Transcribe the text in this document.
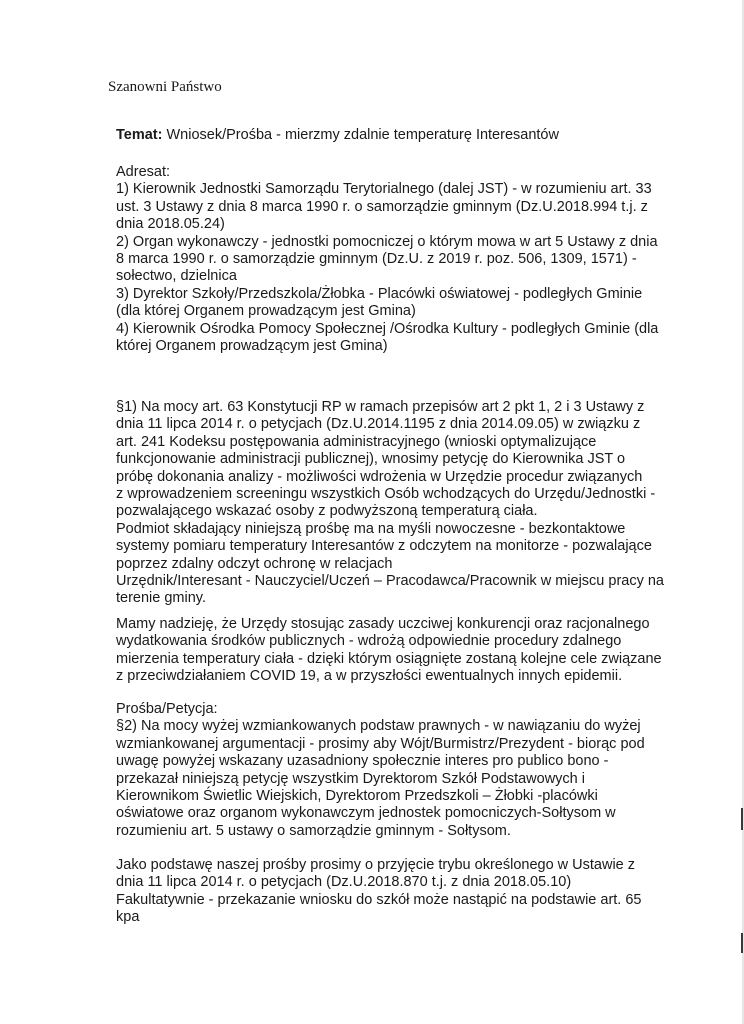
Szanowni Państwo

Temat: Wniosek/Prośba - mierzmy zdalnie temperaturę Interesantów

Adresat:
1) Kierownik Jednostki Samorządu Terytorialnego (dalej JST) - w rozumieniu art. 33
ust. 3 Ustawy z dnia 8 marca 1990 r. o samorządzie gminnym (Dz.U.2018.994 t.j. z
dnia 2018.05.24)
2) Organ wykonawczy - jednostki pomocniczej o którym mowa w art 5 Ustawy z dnia
8 marca 1990 r. o samorządzie gminnym (Dz.U. z 2019 r. poz. 506, 1309, 1571) -
sołectwo, dzielnica
3) Dyrektor Szkoły/Przedszkola/Żłobka - Placówki oświatowej - podległych Gminie
(dla której Organem prowadzącym jest Gmina)
4) Kierownik Ośrodka Pomocy Społecznej /Ośrodka Kultury - podległych Gminie (dla
której Organem prowadzącym jest Gmina)
§1) Na mocy art. 63 Konstytucji RP w ramach przepisów art 2 pkt 1, 2 i 3 Ustawy z
dnia 11 lipca 2014 r. o petycjach (Dz.U.2014.1195 z dnia 2014.09.05) w związku z
art. 241 Kodeksu postępowania administracyjnego (wnioski optymalizujące
funkcjonowanie administracji publicznej), wnosimy petycję do Kierownika JST o
próbę dokonania analizy - możliwości wdrożenia w Urzędzie procedur związanych
z wprowadzeniem screeningu wszystkich Osób wchodzących do Urzędu/Jednostki -
pozwalającego wskazać osoby z podwyższoną temperaturą ciała.
Podmiot składający niniejszą prośbę ma na myśli nowoczesne - bezkontaktowe
systemy pomiaru temperatury Interesantów z odczytem na monitorze - pozwalające
poprzez zdalny odczyt ochronę w relacjach
Urzędnik/Interesant - Nauczyciel/Uczeń – Pracodawca/Pracownik w miejscu pracy na
terenie gminy.
Mamy nadzieję, że Urzędy stosując zasady uczciwej konkurencji oraz racjonalnego
wydatkowania środków publicznych - wdrożą odpowiednie procedury zdalnego
mierzenia temperatury ciała - dzięki którym osiągnięte zostaną kolejne cele związane
z przeciwdziałaniem COVID 19, a w przyszłości ewentualnych innych epidemii.
Prośba/Petycja:
§2) Na mocy wyżej wzmiankowanych podstaw prawnych - w nawiązaniu do wyżej
wzmiankowanej argumentacji - prosimy aby Wójt/Burmistrz/Prezydent - biorąc pod
uwagę powyżej wskazany uzasadniony społecznie interes pro publico bono -
przekazał niniejszą petycję wszystkim Dyrektorom Szkół Podstawowych i
Kierownikom Świetlic Wiejskich, Dyrektorom Przedszkoli – Żłobki -placówki
oświatowe oraz organom wykonawczym jednostek pomocniczych-Sołtysom w
rozumieniu art. 5 ustawy o samorządzie gminnym - Sołtysom.
Jako podstawę naszej prośby prosimy o przyjęcie trybu określonego w Ustawie z
dnia 11 lipca 2014 r. o petycjach (Dz.U.2018.870 t.j. z dnia 2018.05.10)
Fakultatywnie - przekazanie wniosku do szkół może nastąpić na podstawie art. 65
kpa
